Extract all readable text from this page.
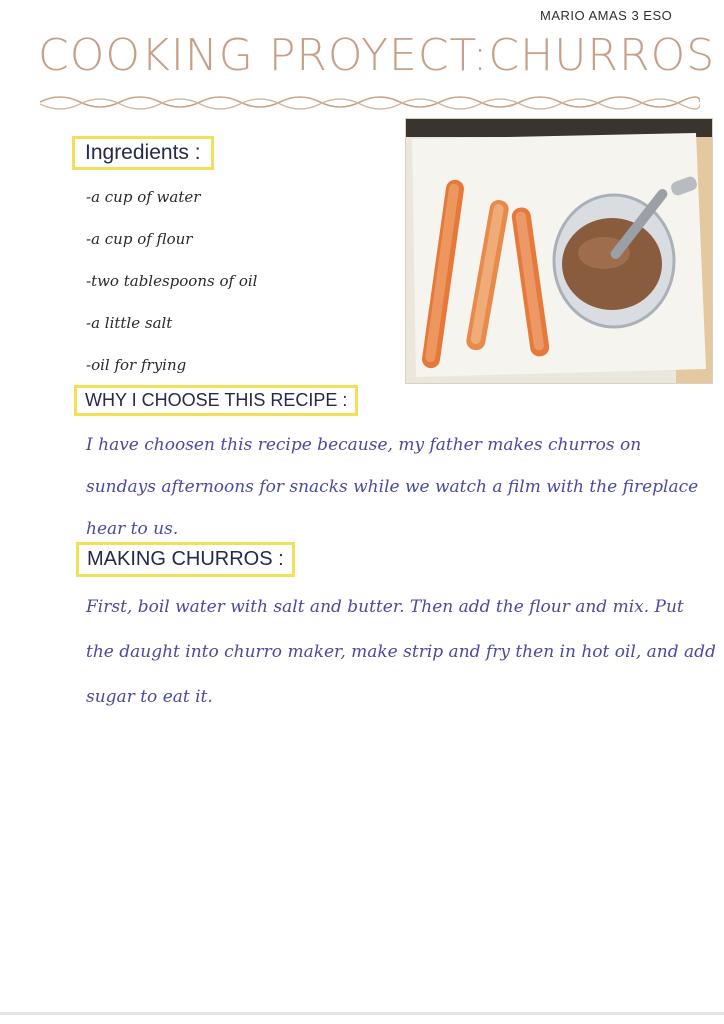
MARIO AMAS 3 ESO
COOKING PROYECT:CHURROS
Ingredients :
-a cup of water
-a cup of flour
-two tablespoons of oil
-a little salt
-oil for frying
WHY I CHOOSE THIS RECIPE :

I have choosen this recipe because, my father makes churros on sundays afternoons for snacks while we watch a film with the fireplace hear to us.

MAKING CHURROS :

First, boil water with salt and butter. Then add the flour and mix. Put the daught into churro maker, make strip and fry then in hot oil, and add sugar to eat it.
